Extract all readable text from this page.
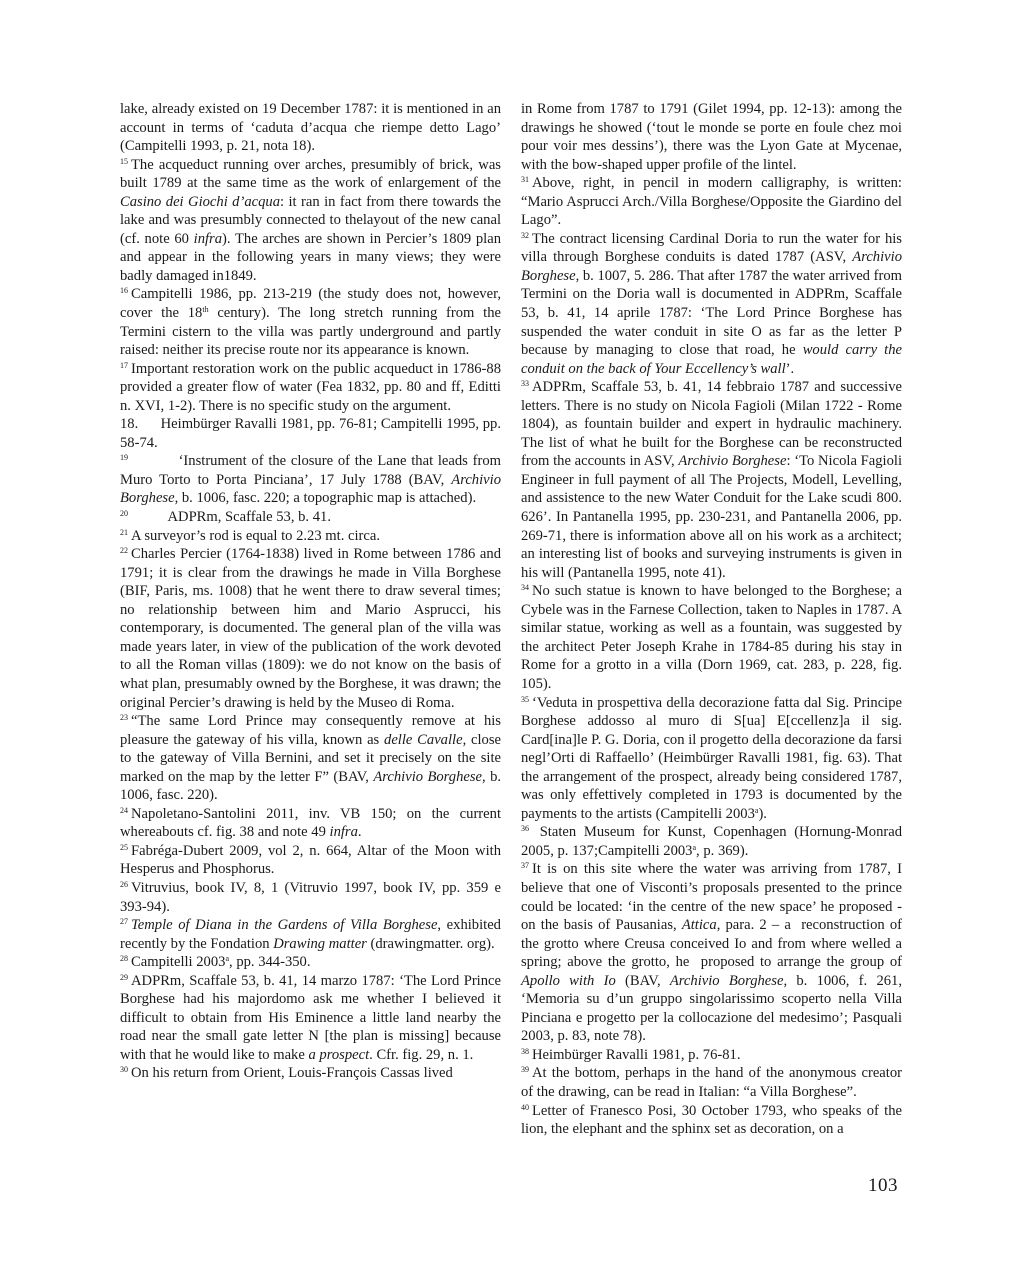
lake, already existed on 19 December 1787: it is mentioned in an account in terms of ‘caduta d’acqua che riempe detto Lago’ (Campitelli 1993, p. 21, nota 18).

$^{15}$ The acqueduct running over arches, presumibly of brick, was built 1789 at the same time as the work of enlargement of the Casino dei Giochi d’acqua: it ran in fact from there towards the lake and was presumbly connected to thelayout of the new canal (cf. note 60 infra). The arches are shown in Percier’s 1809 plan and appear in the following years in many views; they were badly damaged in1849.

$^{16}$ Campitelli 1986, pp. 213-219 (the study does not, however, cover the 18th century). The long stretch running from the Termini cistern to the villa was partly underground and partly raised: neither its precise route nor its appearance is known.

$^{17}$ Important restoration work on the public acqueduct in 1786-88 provided a greater flow of water (Fea 1832, pp. 80 and ff, Editti n. XVI, 1-2). There is no specific study on the argument.

18.      Heimbürger Ravalli 1981, pp. 76-81; Campitelli 1995, pp. 58-74.

$^{19}$          ‘Instrument of the closure of the Lane that leads from Muro Torto to Porta Pinciana’, 17 July 1788 (BAV, Archivio Borghese, b. 1006, fasc. 220; a topographic map is attached).

$^{20}$          ADPRm, Scaffale 53, b. 41.

$^{21}$ A surveyor’s rod is equal to 2.23 mt. circa.

$^{22}$ Charles Percier (1764-1838) lived in Rome between 1786 and 1791; it is clear from the drawings he made in Villa Borghese (BIF, Paris, ms. 1008) that he went there to draw several times; no relationship between him and Mario Asprucci, his contemporary, is documented. The general plan of the villa was made years later, in view of the publication of the work devoted to all the Roman villas (1809): we do not know on the basis of what plan, presumably owned by the Borghese, it was drawn; the original Percier’s drawing is held by the Museo di Roma.

$^{23}$ “The same Lord Prince may consequently remove at his pleasure the gateway of his villa, known as delle Cavalle, close to the gateway of Villa Bernini, and set it precisely on the site marked on the map by the letter F” (BAV, Archivio Borghese, b. 1006, fasc. 220).

$^{24}$ Napoletano-Santolini 2011, inv. VB 150; on the current whereabouts cf. fig. 38 and note 49 infra.

$^{25}$ Fabréga-Dubert 2009, vol 2, n. 664, Altar of the Moon with Hesperus and Phosphorus.

$^{26}$ Vitruvius, book IV, 8, 1 (Vitruvio 1997, book IV, pp. 359 e 393-94).

$^{27}$ Temple of Diana in the Gardens of Villa Borghese, exhibited recently by the Fondation Drawing matter (drawingmatter. org).

$^{28}$ Campitelli 2003$^a$, pp. 344-350.

$^{29}$ ADPRm, Scaffale 53, b. 41, 14 marzo 1787: ‘The Lord Prince Borghese had his majordomo ask me whether I believed it difficult to obtain from His Eminence a little land nearby the road near the small gate letter N [the plan is missing] because with that he would like to make a prospect. Cfr. fig. 29, n. 1.

$^{30}$ On his return from Orient, Louis-François Cassas lived

in Rome from 1787 to 1791 (Gilet 1994, pp. 12-13): among the drawings he showed (‘tout le monde se porte en foule chez moi pour voir mes dessins’), there was the Lyon Gate at Mycenae, with the bow-shaped upper profile of the lintel.

$^{31}$ Above, right, in pencil in modern calligraphy, is written: “Mario Asprucci Arch./Villa Borghese/Opposite the Giardino del Lago”.

$^{32}$ The contract licensing Cardinal Doria to run the water for his villa through Borghese conduits is dated 1787 (ASV, Archivio Borghese, b. 1007, 5. 286. That after 1787 the water arrived from Termini on the Doria wall is documented in ADPRm, Scaffale 53, b. 41, 14 aprile 1787: ‘The Lord Prince Borghese has suspended the water conduit in site O as far as the letter P because by managing to close that road, he would carry the conduit on the back of Your Eccellency’s wall’.

$^{33}$ ADPRm, Scaffale 53, b. 41, 14 febbraio 1787 and successive letters. There is no study on Nicola Fagioli (Milan 1722 - Rome 1804), as fountain builder and expert in hydraulic machinery. The list of what he built for the Borghese can be reconstructed from the accounts in ASV, Archivio Borghese: ‘To Nicola Fagioli Engineer in full payment of all The Projects, Modell, Levelling, and assistence to the new Water Conduit for the Lake scudi 800. 626’. In Pantanella 1995, pp. 230-231, and Pantanella 2006, pp. 269-71, there is information above all on his work as a architect; an interesting list of books and surveying instruments is given in his will (Pantanella 1995, note 41).

$^{34}$ No such statue is known to have belonged to the Borghese; a Cybele was in the Farnese Collection, taken to Naples in 1787. A similar statue, working as well as a fountain, was suggested by the architect Peter Joseph Krahe in 1784-85 during his stay in Rome for a grotto in a villa (Dorn 1969, cat. 283, p. 228, fig. 105).

$^{35}$ ‘Veduta in prospettiva della decorazione fatta dal Sig. Principe Borghese addosso al muro di S[ua] E[ccellenz]a il sig. Card[ina]le P. G. Doria, con il progetto della decorazione da farsi negl’Orti di Raffaello’ (Heimbürger Ravalli 1981, fig. 63). That the arrangement of the prospect, already being considered 1787, was only effettively completed in 1793 is documented by the payments to the artists (Campitelli 2003$^a$).

$^{36}$ Staten Museum for Kunst, Copenhagen (Hornung-Monrad 2005, p. 137;Campitelli 2003$^a$, p. 369).

$^{37}$ It is on this site where the water was arriving from 1787, I believe that one of Visconti’s proposals presented to the prince could be located: ‘in the centre of the new space’ he proposed - on the basis of Pausanias, Attica, para. 2 – a  reconstruction of the grotto where Creusa conceived Io and from where welled a spring; above the grotto, he  proposed to arrange the group of Apollo with Io (BAV, Archivio Borghese, b. 1006, f. 261, ‘Memoria su d’un gruppo singolarissimo scoperto nella Villa Pinciana e progetto per la collocazione del medesimo’; Pasquali 2003, p. 83, note 78).

$^{38}$ Heimbürger Ravalli 1981, p. 76-81.

$^{39}$ At the bottom, perhaps in the hand of the anonymous creator of the drawing, can be read in Italian: “a Villa Borghese”.

$^{40}$ Letter of Franesco Posi, 30 October 1793, who speaks of the lion, the elephant and the sphinx set as decoration, on a

103
